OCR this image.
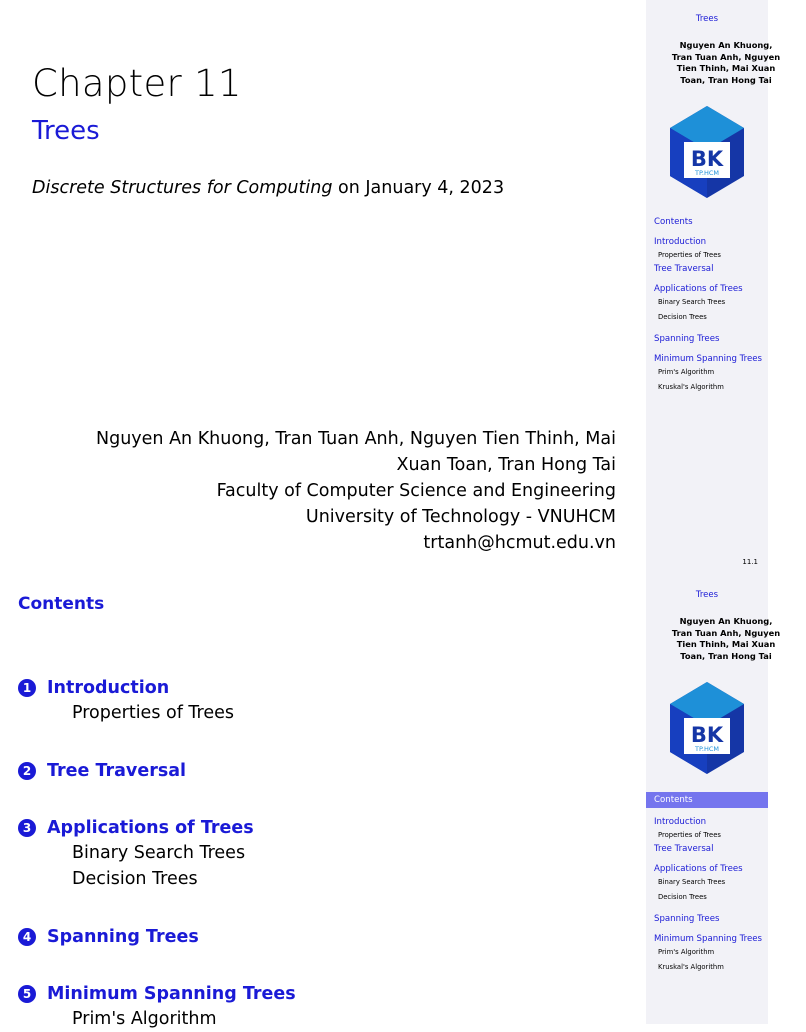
Chapter 11
Trees
Discrete Structures for Computing on January 4, 2023
Nguyen An Khuong, Tran Tuan Anh, Nguyen Tien Thinh, Mai
Xuan Toan, Tran Hong Tai
Faculty of Computer Science and Engineering
University of Technology - VNUHCM
trtanh@hcmut.edu.vn
Trees
Nguyen An Khuong,
Tran Tuan Anh, Nguyen
Tien Thinh, Mai Xuan
Toan, Tran Hong Tai
BK
TP.HCM
Contents
Introduction
Properties of Trees
Tree Traversal
Applications of Trees
Binary Search Trees
Decision Trees
Spanning Trees
Minimum Spanning Trees
Prim's Algorithm
Kruskal's Algorithm
11.1
Contents
1 Introduction
Properties of Trees
2 Tree Traversal
3 Applications of Trees
Binary Search Trees
Decision Trees
4 Spanning Trees
5 Minimum Spanning Trees
Prim's Algorithm
Trees
Nguyen An Khuong,
Tran Tuan Anh, Nguyen
Tien Thinh, Mai Xuan
Toan, Tran Hong Tai
BK
TP.HCM
Contents
Introduction
Properties of Trees
Tree Traversal
Applications of Trees
Binary Search Trees
Decision Trees
Spanning Trees
Minimum Spanning Trees
Prim's Algorithm
Kruskal's Algorithm
